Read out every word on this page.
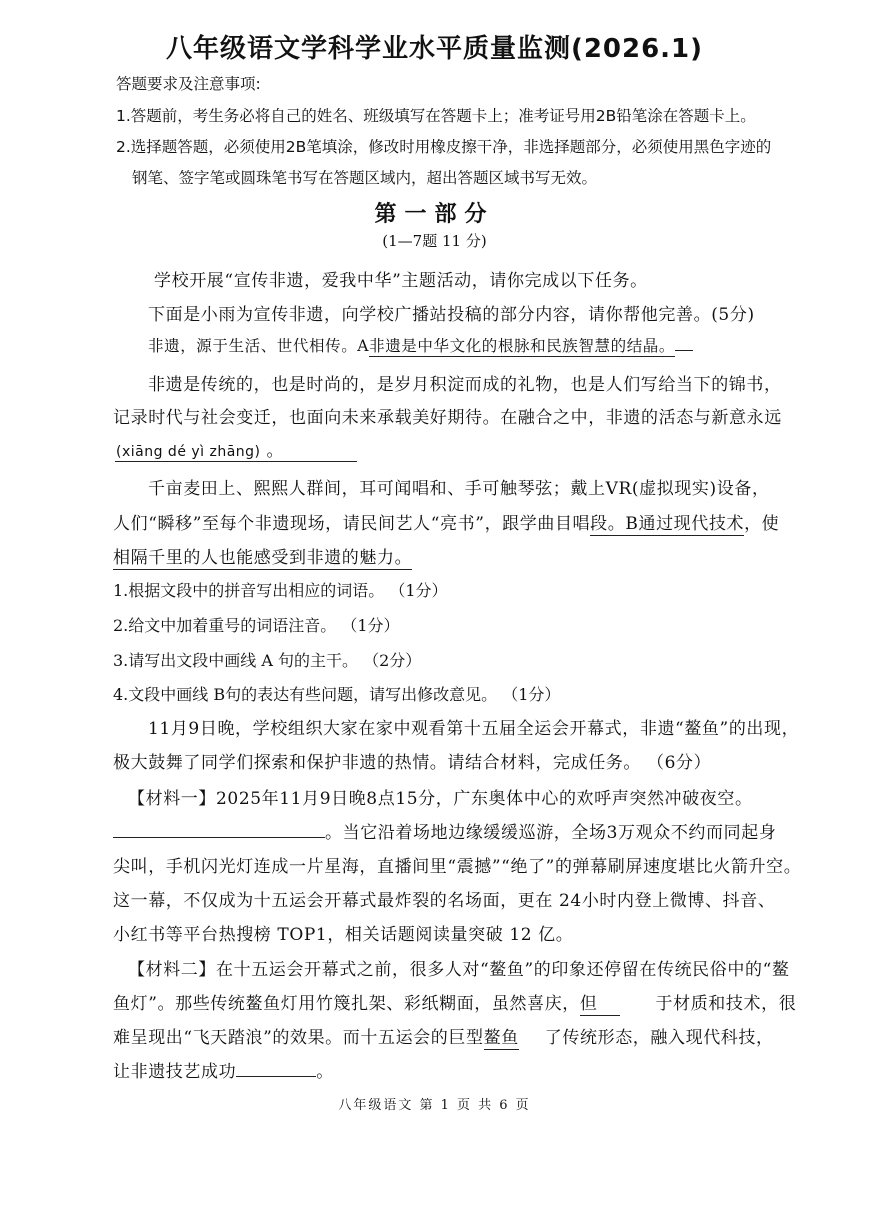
八年级语文学科学业水平质量监测(2026.1)
答题要求及注意事项:
1.答题前，考生务必将自己的姓名、班级填写在答题卡上；准考证号用2B铅笔涂在答题卡上。
2.选择题答题，必须使用2B笔填涂，修改时用橡皮擦干净，非选择题部分，必须使用黑色字迹的
钢笔、签字笔或圆珠笔书写在答题区域内，超出答题区域书写无效。
第一部分
(1—7题 11 分)
学校开展“宣传非遗，爱我中华”主题活动，请你完成以下任务。
下面是小雨为宣传非遗，向学校广播站投稿的部分内容，请你帮他完善。(5分)
非遗，源于生活、世代相传。A非遗是中华文化的根脉和民族智慧的结晶。
非遗是传统的，也是时尚的，是岁月积淀而成的礼物，也是人们写给当下的锦书，
记录时代与社会变迁，也面向未来承载美好期待。在融合之中，非遗的活态与新意永远
(xiāng dé yì zhāng) 。
千亩麦田上、熙熙人群间，耳可闻唱和、手可触琴弦；戴上VR(虚拟现实)设备，
人们“瞬移”至每个非遗现场，请民间艺人“亮书”，跟学曲目唱段。B通过现代技术，使
相隔千里的人也能感受到非遗的魅力。
1.根据文段中的拼音写出相应的词语。 （1分）
2.给文中加着重号的词语注音。 （1分）
3.请写出文段中画线 A 句的主干。 （2分）
4.文段中画线 B句的表达有些问题，请写出修改意见。 （1分）
11月9日晚，学校组织大家在家中观看第十五届全运会开幕式，非遗“鳌鱼”的出现，
极大鼓舞了同学们探索和保护非遗的热情。请结合材料，完成任务。 （6分）
【材料一】2025年11月9日晚8点15分，广东奥体中心的欢呼声突然冲破夜空。
。当它沿着场地边缘缓缓巡游，全场3万观众不约而同起身
尖叫，手机闪光灯连成一片星海，直播间里“震撼”“绝了”的弹幕刷屏速度堪比火箭升空。
这一幕，不仅成为十五运会开幕式最炸裂的名场面，更在 24小时内登上微博、抖音、
小红书等平台热搜榜 TOP1，相关话题阅读量突破 12 亿。
【材料二】在十五运会开幕式之前，很多人对“鳌鱼”的印象还停留在传统民俗中的“鳌
鱼灯”。那些传统鳌鱼灯用竹篾扎架、彩纸糊面，虽然喜庆，但	于材质和技术，很
难呈现出“飞天踏浪”的效果。而十五运会的巨型鳌鱼 了传统形态，融入现代科技，
让非遗技艺成功	。
八年级语文 第 1 页 共 6 页
